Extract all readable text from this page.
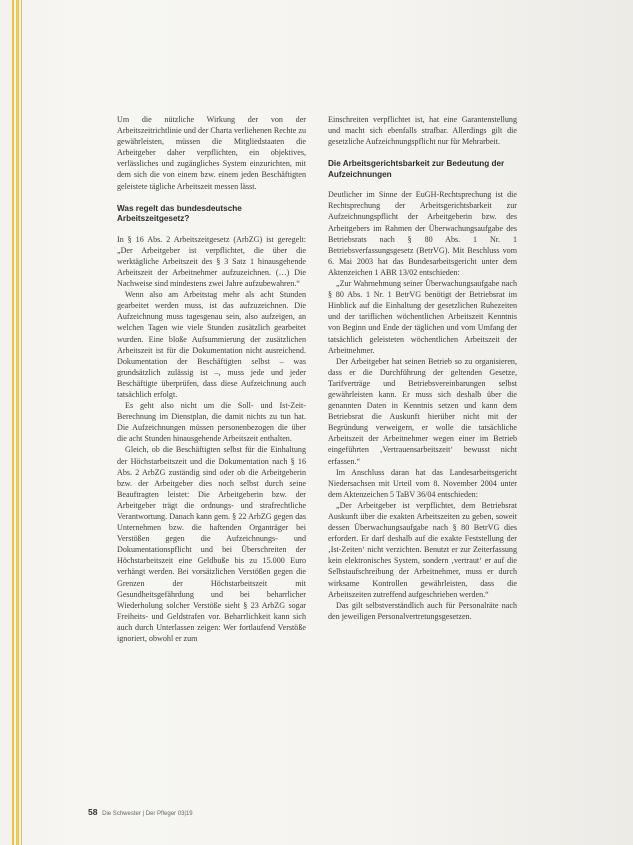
Um die nützliche Wirkung der von der Arbeitszeitrichtlinie und der Charta verliehenen Rechte zu gewährleisten, müssen die Mitgliedstaaten die Arbeitgeber daher verpflichten, ein objektives, verlässliches und zugängliches System einzurichten, mit dem sich die von einem bzw. einem jeden Beschäftigten geleistete tägliche Arbeitszeit messen lässt.

Was regelt das bundesdeutsche Arbeitszeitgesetz?

In § 16 Abs. 2 Arbeitszeitgesetz (ArbZG) ist geregelt: „Der Arbeitgeber ist verpflichtet, die über die werktägliche Arbeitszeit des § 3 Satz 1 hinausgehende Arbeitszeit der Arbeitnehmer aufzuzeichnen. (…) Die Nachweise sind mindestens zwei Jahre aufzubewahren.“

Wenn also am Arbeitstag mehr als acht Stunden gearbeitet werden muss, ist das aufzuzeichnen. Die Aufzeichnung muss tagesgenau sein, also aufzeigen, an welchen Tagen wie viele Stunden zusätzlich gearbeitet wurden. Eine bloße Aufsummierung der zusätzlichen Arbeitszeit ist für die Dokumentation nicht ausreichend. Dokumentation der Beschäftigten selbst – was grundsätzlich zulässig ist –, muss jede und jeder Beschäftigte überprüfen, dass diese Aufzeichnung auch tatsächlich erfolgt.

Es geht also nicht um die Soll- und Ist-Zeit-Berechnung im Dienstplan, die damit nichts zu tun hat. Die Aufzeichnungen müssen personenbezogen die über die acht Stunden hinausgehende Arbeitszeit enthalten.

Gleich, ob die Beschäftigten selbst für die Einhaltung der Höchstarbeitszeit und die Dokumentation nach § 16 Abs. 2 ArbZG zuständig sind oder ob die Arbeitgeberin bzw. der Arbeitgeber dies noch selbst durch seine Beauftragten leistet: Die Arbeitgeberin bzw. der Arbeitgeber trägt die ordnungs- und strafrechtliche Verantwortung. Danach kann gem. § 22 ArbZG gegen das Unternehmen bzw. die haftenden Organträger bei Verstößen gegen die Aufzeichnungs- und Dokumentationspflicht und bei Überschreiten der Höchstarbeitszeit eine Geldbuße bis zu 15.000 Euro verhängt werden. Bei vorsätzlichen Verstößen gegen die Grenzen der Höchstarbeitszeit mit Gesundheitsgefährdung und bei beharrlicher Wiederholung solcher Verstöße sieht § 23 ArbZG sogar Freiheits- und Geldstrafen vor. Beharrlichkeit kann sich auch durch Unterlassen zeigen: Wer fortlaufend Verstöße ignoriert, obwohl er zum

Einschreiten verpflichtet ist, hat eine Garantenstellung und macht sich ebenfalls strafbar. Allerdings gilt die gesetzliche Aufzeichnungspflicht nur für Mehrarbeit.

Die Arbeitsgerichtsbarkeit zur Bedeutung der Aufzeichnungen

Deutlicher im Sinne der EuGH-Rechtsprechung ist die Rechtsprechung der Arbeitsgerichtsbarkeit zur Aufzeichnungspflicht der Arbeitgeberin bzw. des Arbeitgebers im Rahmen der Überwachungsaufgabe des Betriebsrats nach § 80 Abs. 1 Nr. 1 Betriebsverfassungsgesetz (BetrVG). Mit Beschluss vom 6. Mai 2003 hat das Bundesarbeitsgericht unter dem Aktenzeichen 1 ABR 13/02 entschieden:

„Zur Wahrnehmung seiner Überwachungsaufgabe nach § 80 Abs. 1 Nr. 1 BetrVG benötigt der Betriebsrat im Hinblick auf die Einhaltung der gesetzlichen Ruhezeiten und der tariflichen wöchentlichen Arbeitszeit Kenntnis von Beginn und Ende der täglichen und vom Umfang der tatsächlich geleisteten wöchentlichen Arbeitszeit der Arbeitnehmer.

Der Arbeitgeber hat seinen Betrieb so zu organisieren, dass er die Durchführung der geltenden Gesetze, Tarifverträge und Betriebsvereinbarungen selbst gewährleisten kann. Er muss sich deshalb über die genannten Daten in Kenntnis setzen und kann dem Betriebsrat die Auskunft hierüber nicht mit der Begründung verweigern, er wolle die tatsächliche Arbeitszeit der Arbeitnehmer wegen einer im Betrieb eingeführten ‚Vertrauensarbeitszeit‘ bewusst nicht erfassen.“

Im Anschluss daran hat das Landesarbeitsgericht Niedersachsen mit Urteil vom 8. November 2004 unter dem Aktenzeichen 5 TaBV 36/04 entschieden:

„Der Arbeitgeber ist verpflichtet, dem Betriebsrat Auskunft über die exakten Arbeitszeiten zu geben, soweit dessen Überwachungsaufgabe nach § 80 BetrVG dies erfordert. Er darf deshalb auf die exakte Feststellung der ‚Ist-Zeiten‘ nicht verzichten. Benutzt er zur Zeiterfassung kein elektronisches System, sondern ‚vertraut‘ er auf die Selbstaufschreibung der Arbeitnehmer, muss er durch wirksame Kontrollen gewährleisten, dass die Arbeitszeiten zutreffend aufgeschrieben werden.“

Das gilt selbstverständlich auch für Personalräte nach den jeweiligen Personalvertretungsgesetzen.

58 Die Schwester | Der Pfleger 03|19
